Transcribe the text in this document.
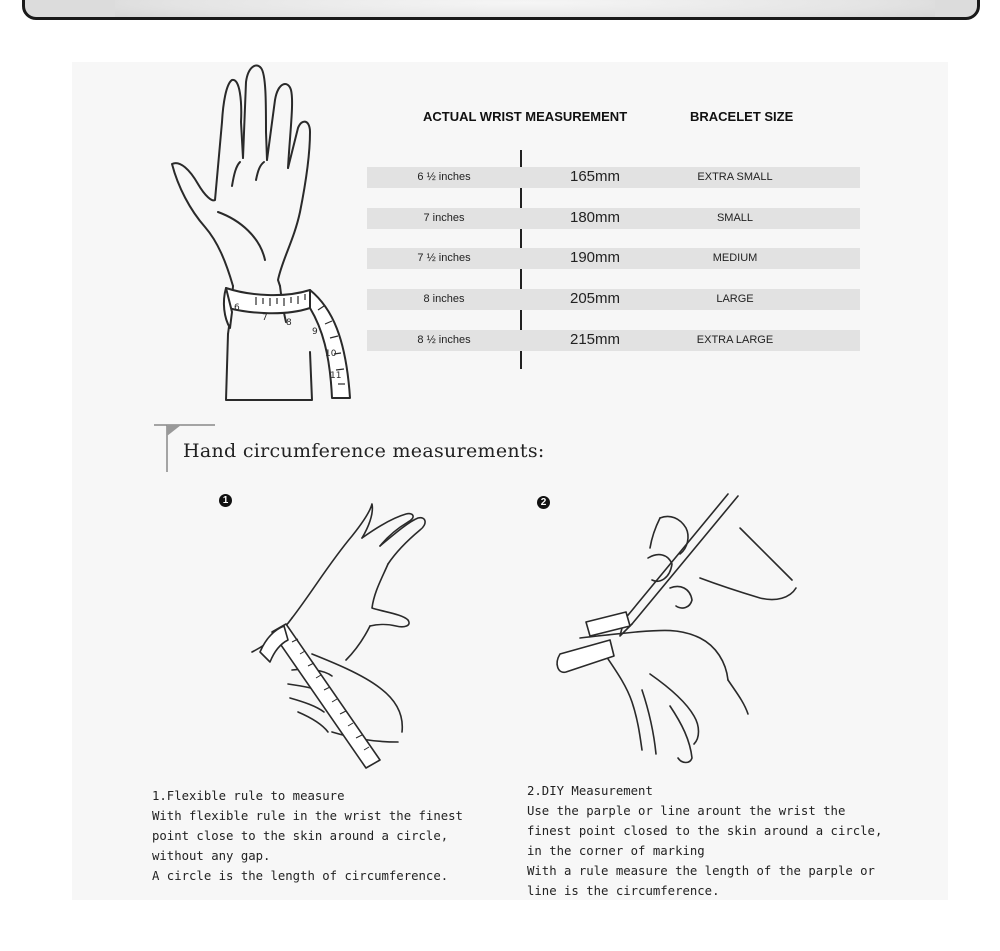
6
7 8
9
10
11
ACTUAL WRIST MEASUREMENT	BRACELET SIZE
6 ½ inches	165mm	EXTRA SMALL
7 inches	180mm	SMALL
7 ½ inches	190mm	MEDIUM
8 inches	205mm	LARGE
8 ½ inches	215mm	EXTRA LARGE
Hand circumference measurements:
1	2
1.Flexible rule to measure
With flexible rule in the wrist the finest
point close to the skin around a circle,
without any gap.
A circle is the length of circumference.
2.DIY Measurement
Use the parple or line arount the wrist the
finest point closed to the skin around a circle,
in the corner of marking
With a rule measure the length of the parple or
line is the circumference.
